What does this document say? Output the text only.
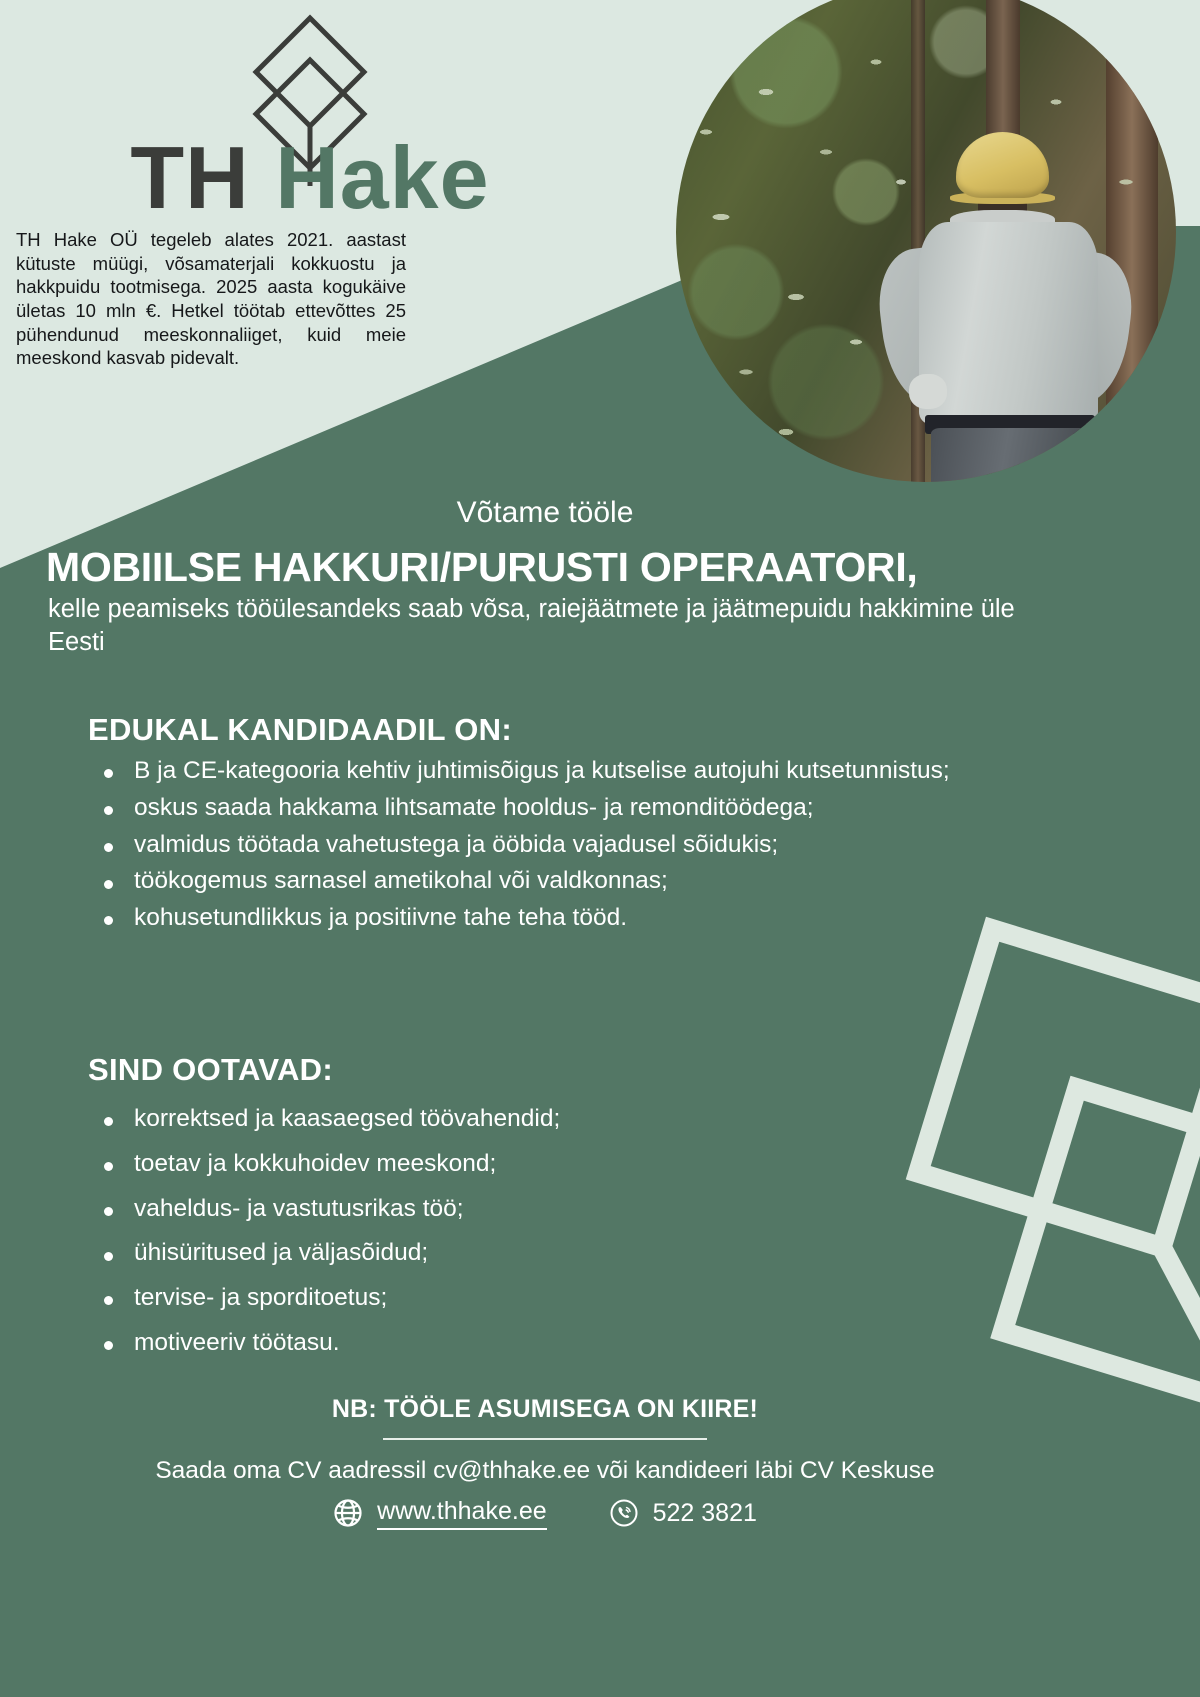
TH Hake

TH Hake OÜ tegeleb alates 2021. aastast kütuste müügi, võsamaterjali kokkuostu ja hakkpuidu tootmisega. 2025 aasta kogukäive ületas 10 mln €. Hetkel töötab ettevõttes 25 pühendunud meeskonnaliiget, kuid meie meeskond kasvab pidevalt.

Võtame tööle
MOBIILSE HAKKURI/PURUSTI OPERAATORI,
kelle peamiseks tööülesandeks saab võsa, raiejäätmete ja jäätmepuidu hakkimine üle Eesti
EDUKAL KANDIDAADIL ON:
B ja CE-kategooria kehtiv juhtimisõigus ja kutselise autojuhi kutsetunnistus;
oskus saada hakkama lihtsamate hooldus- ja remonditöödega;
valmidus töötada vahetustega ja ööbida vajadusel sõidukis;
töökogemus sarnasel ametikohal või valdkonnas;
kohusetundlikkus ja positiivne tahe teha tööd.
SIND OOTAVAD:
korrektsed ja kaasaegsed töövahendid;
toetav ja kokkuhoidev meeskond;
vaheldus- ja vastutusrikas töö;
ühisüritused ja väljasõidud;
tervise- ja sporditoetus;
motiveeriv töötasu.
NB: TÖÖLE ASUMISEGA ON KIIRE!
Saada oma CV aadressil cv@thhake.ee või kandideeri läbi CV Keskuse
www.thhake.ee	522 3821
